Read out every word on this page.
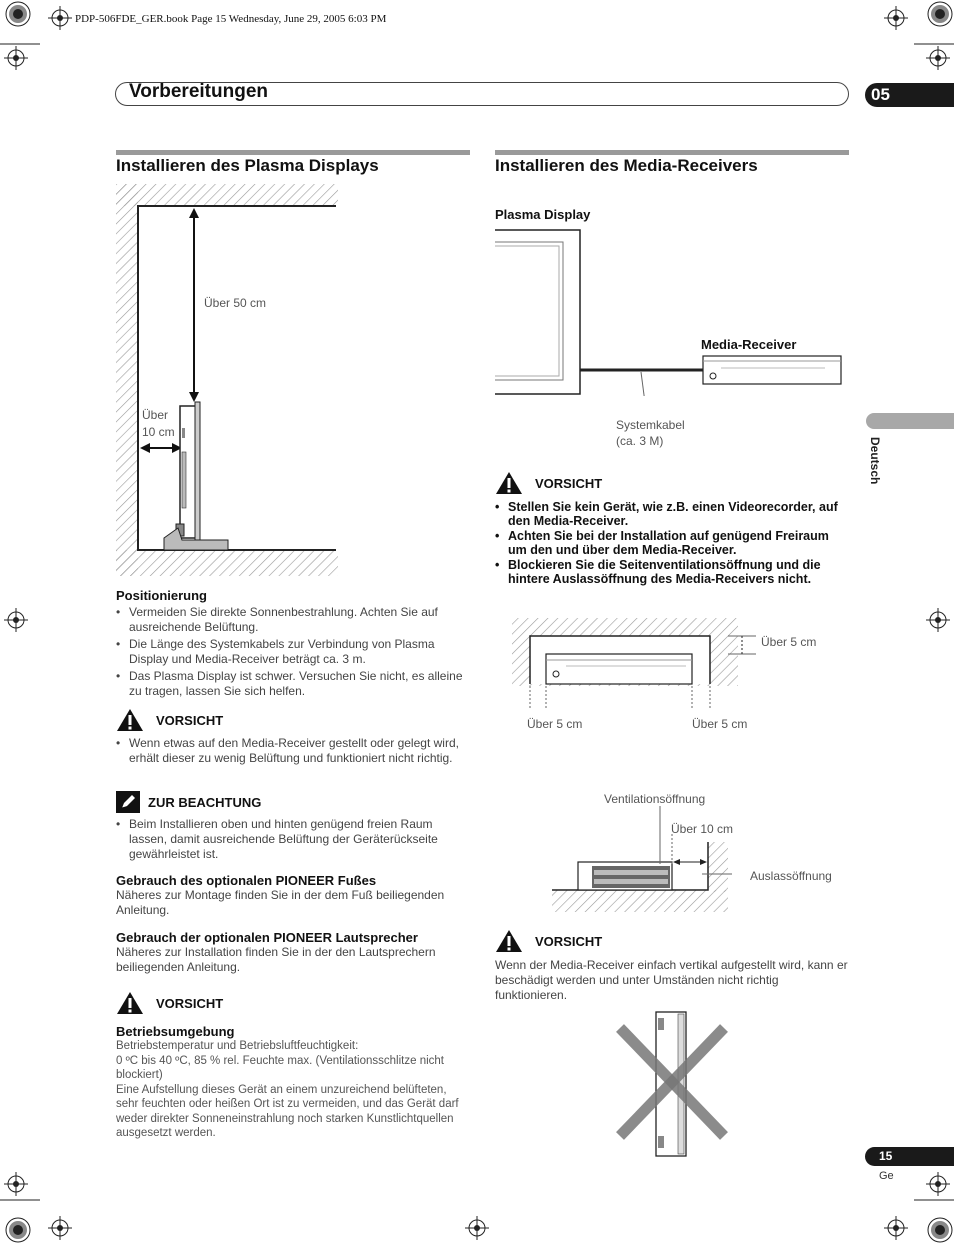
PDP-506FDE_GER.book Page 15 Wednesday, June 29, 2005 6:03 PM
Vorbereitungen	05
Deutsch
Installieren des Plasma Displays
Über 50 cm
Über
10 cm
Positionierung
• Vermeiden Sie direkte Sonnenbestrahlung. Achten Sie auf ausreichende Belüftung.
• Die Länge des Systemkabels zur Verbindung von Plasma Display und Media-Receiver beträgt ca. 3 m.
• Das Plasma Display ist schwer. Versuchen Sie nicht, es alleine zu tragen, lassen Sie sich helfen.
VORSICHT
• Wenn etwas auf den Media-Receiver gestellt oder gelegt wird, erhält dieser zu wenig Belüftung und funktioniert nicht richtig.
ZUR BEACHTUNG
• Beim Installieren oben und hinten genügend freien Raum lassen, damit ausreichende Belüftung der Geräterückseite gewährleistet ist.
Gebrauch des optionalen PIONEER Fußes
Näheres zur Montage finden Sie in der dem Fuß beiliegenden Anleitung.
Gebrauch der optionalen PIONEER Lautsprecher
Näheres zur Installation finden Sie in der den Lautsprechern beiliegenden Anleitung.
VORSICHT
Betriebsumgebung
Betriebstemperatur und Betriebsluftfeuchtigkeit:
0 ºC bis 40 ºC, 85 % rel. Feuchte max. (Ventilationsschlitze nicht blockiert)
Eine Aufstellung dieses Gerät an einem unzureichend belüfteten, sehr feuchten oder heißen Ort ist zu vermeiden, und das Gerät darf weder direkter Sonneneinstrahlung noch starken Kunstlichtquellen ausgesetzt werden.
Installieren des Media-Receivers
Plasma Display
Media-Receiver
Systemkabel
(ca. 3 M)
VORSICHT
• Stellen Sie kein Gerät, wie z.B. einen Videorecorder, auf den Media-Receiver.
• Achten Sie bei der Installation auf genügend Freiraum um den und über dem Media-Receiver.
• Blockieren Sie die Seitenventilationsöffnung und die hintere Auslassöffnung des Media-Receivers nicht.
Über 5 cm
Über 5 cm	Über 5 cm
Ventilationsöffnung
Über 10 cm
Auslassöffnung
VORSICHT
Wenn der Media-Receiver einfach vertikal aufgestellt wird, kann er beschädigt werden und unter Umständen nicht richtig funktionieren.
15
Ge
